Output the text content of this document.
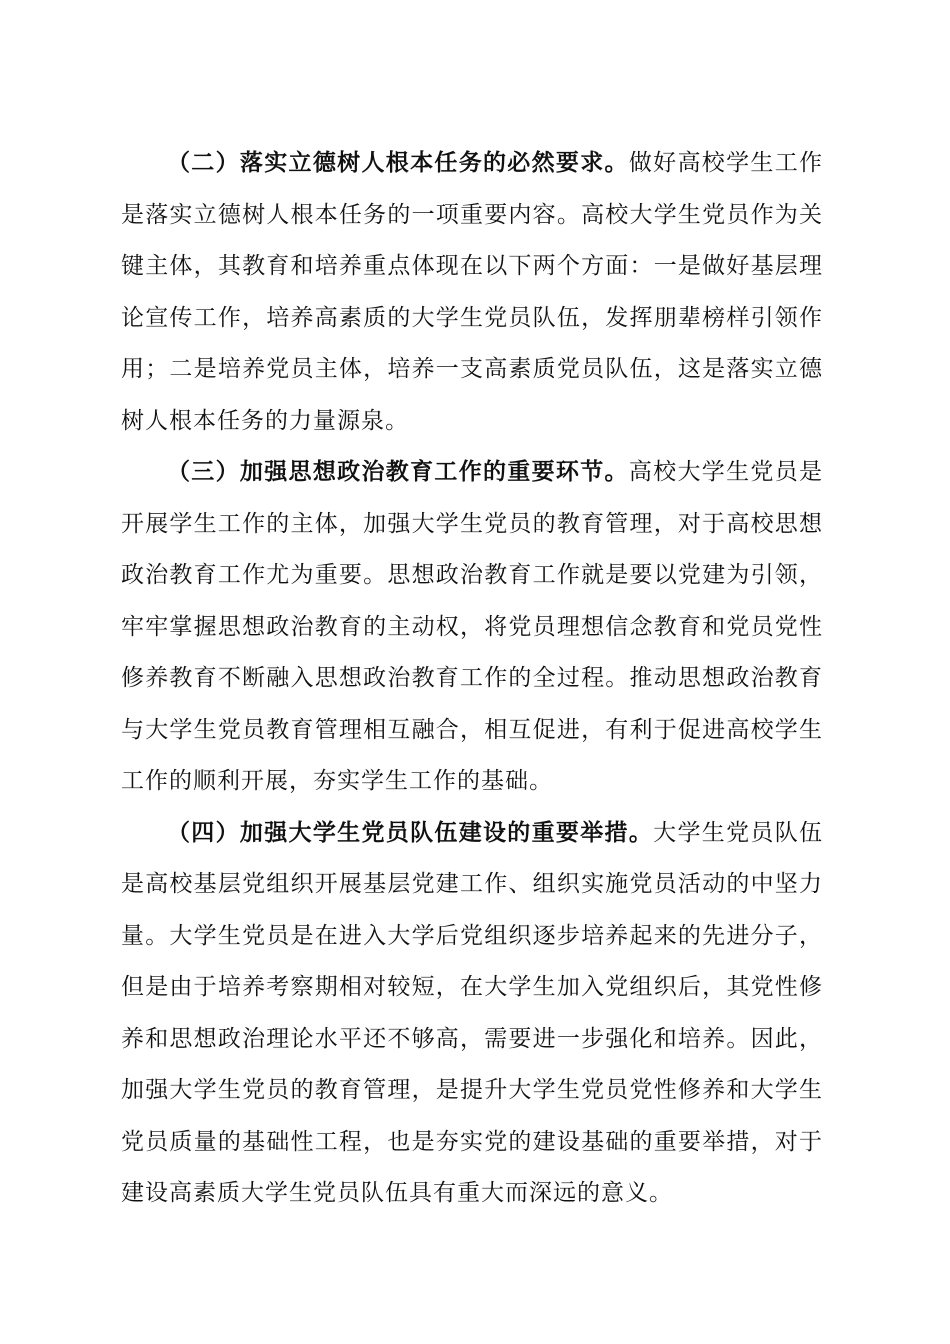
（二）落实立德树人根本任务的必然要求。做好高校学生工作是落实立德树人根本任务的一项重要内容。高校大学生党员作为关键主体，其教育和培养重点体现在以下两个方面：一是做好基层理论宣传工作，培养高素质的大学生党员队伍，发挥朋辈榜样引领作用；二是培养党员主体，培养一支高素质党员队伍，这是落实立德树人根本任务的力量源泉。

（三）加强思想政治教育工作的重要环节。高校大学生党员是开展学生工作的主体，加强大学生党员的教育管理，对于高校思想政治教育工作尤为重要。思想政治教育工作就是要以党建为引领，牢牢掌握思想政治教育的主动权，将党员理想信念教育和党员党性修养教育不断融入思想政治教育工作的全过程。推动思想政治教育与大学生党员教育管理相互融合，相互促进，有利于促进高校学生工作的顺利开展，夯实学生工作的基础。

（四）加强大学生党员队伍建设的重要举措。大学生党员队伍是高校基层党组织开展基层党建工作、组织实施党员活动的中坚力量。大学生党员是在进入大学后党组织逐步培养起来的先进分子，但是由于培养考察期相对较短，在大学生加入党组织后，其党性修养和思想政治理论水平还不够高，需要进一步强化和培养。因此，加强大学生党员的教育管理，是提升大学生党员党性修养和大学生党员质量的基础性工程，也是夯实党的建设基础的重要举措，对于建设高素质大学生党员队伍具有重大而深远的意义。
